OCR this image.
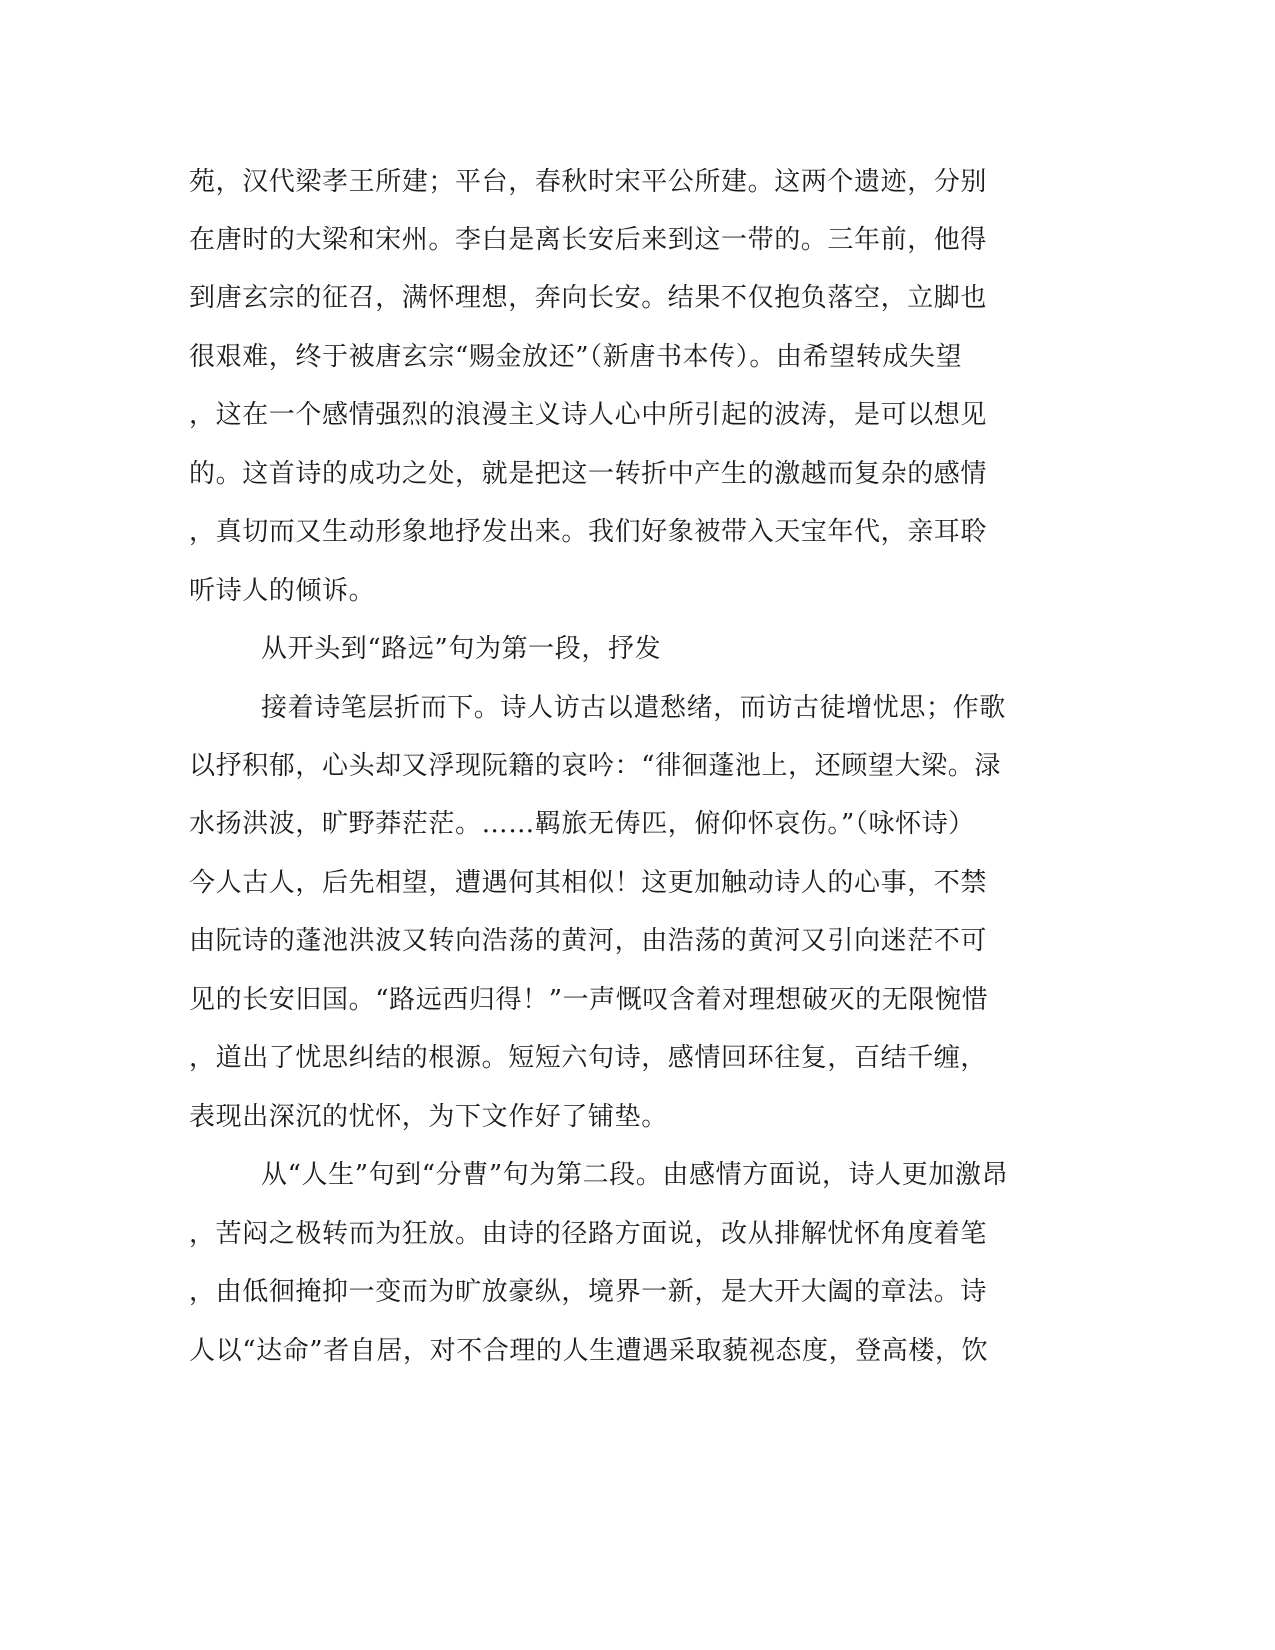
苑，汉代梁孝王所建；平台，春秋时宋平公所建。这两个遗迹，分别
在唐时的大梁和宋州。李白是离长安后来到这一带的。三年前，他得
到唐玄宗的征召，满怀理想，奔向长安。结果不仅抱负落空，立脚也
很艰难，终于被唐玄宗“赐金放还”（新唐书本传）。由希望转成失望
，这在一个感情强烈的浪漫主义诗人心中所引起的波涛，是可以想见
的。这首诗的成功之处，就是把这一转折中产生的激越而复杂的感情
，真切而又生动形象地抒发出来。我们好象被带入天宝年代，亲耳聆
听诗人的倾诉。
从开头到“路远”句为第一段，抒发
接着诗笔层折而下。诗人访古以遣愁绪，而访古徒增忧思；作歌
以抒积郁，心头却又浮现阮籍的哀吟：“徘徊蓬池上，还顾望大梁。渌
水扬洪波，旷野莽茫茫。……羁旅无俦匹，俯仰怀哀伤。”（咏怀诗）
今人古人，后先相望，遭遇何其相似！这更加触动诗人的心事，不禁
由阮诗的蓬池洪波又转向浩荡的黄河，由浩荡的黄河又引向迷茫不可
见的长安旧国。“路远西归得！”一声慨叹含着对理想破灭的无限惋惜
，道出了忧思纠结的根源。短短六句诗，感情回环往复，百结千缠，
表现出深沉的忧怀，为下文作好了铺垫。
从“人生”句到“分曹”句为第二段。由感情方面说，诗人更加激昂
，苦闷之极转而为狂放。由诗的径路方面说，改从排解忧怀角度着笔
，由低徊掩抑一变而为旷放豪纵，境界一新，是大开大阖的章法。诗
人以“达命”者自居，对不合理的人生遭遇采取藐视态度，登高楼，饮
